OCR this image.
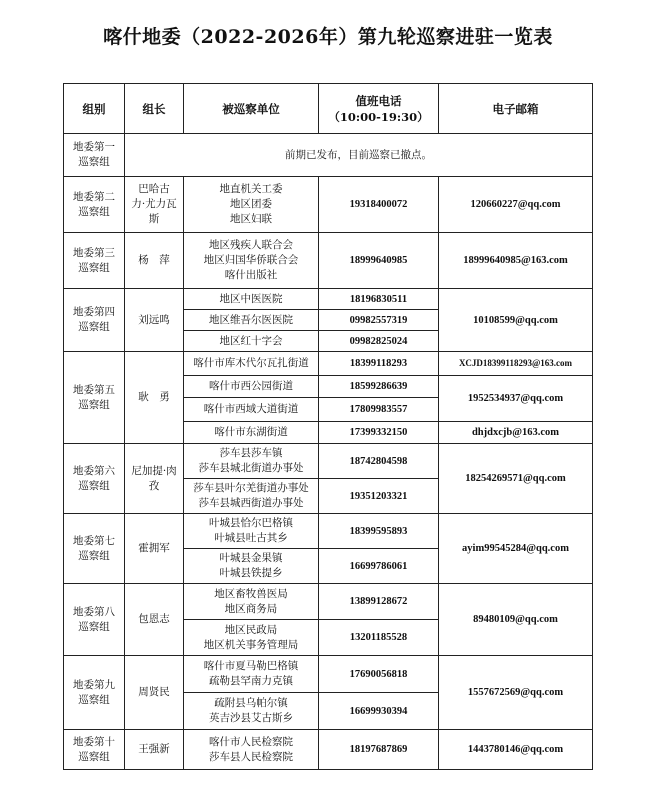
喀什地委（2022-2026年）第九轮巡察进驻一览表
组别	组长	被巡察单位	值班电话
（10:00-19:30）	电子邮箱

地委第一
巡察组	前期已发布，目前巡察已撤点。			

地委第二
巡察组	巴哈古
力·尤力瓦
斯	地直机关工委
地区团委
地区妇联	19318400072	120660227@qq.com

地委第三
巡察组	杨　萍	地区残疾人联合会
地区归国华侨联合会
喀什出版社	18999640985	18999640985@163.com

地委第四
巡察组	刘远鸣	地区中医医院	18196830511	10108599@qq.com
		地区维吾尔医医院	09982557319	
		地区红十字会	09982825024	

地委第五
巡察组	耿　勇	喀什市库木代尔瓦扎街道	18399118293	XCJD18399118293@163.com
		喀什市西公园街道	18599286639	1952534937@qq.com
		喀什市西域大道街道	17809983557	
		喀什市东湖街道	17399332150	dhjdxcjb@163.com

地委第六
巡察组	尼加提·肉
孜	莎车县莎车镇
莎车县城北街道办事处	18742804598	18254269571@qq.com

		莎车县叶尔羌街道办事处
莎车县城西街道办事处	19351203321	

地委第七
巡察组	霍拥军	叶城县恰尔巴格镇
叶城县吐古其乡	18399595893	ayim99545284@qq.com

		叶城县金果镇
叶城县铁提乡	16699786061	

地委第八
巡察组	包恩志	地区畜牧兽医局
地区商务局	13899128672	89480109@qq.com

		地区民政局
地区机关事务管理局	13201185528	

地委第九
巡察组	周贤民	喀什市夏马勒巴格镇
疏勒县罕南力克镇	17690056818	1557672569@qq.com

		疏附县乌帕尔镇
英吉沙县艾古斯乡	16699930394	

地委第十
巡察组	王强新	喀什市人民检察院
莎车县人民检察院	18197687869	1443780146@qq.com
